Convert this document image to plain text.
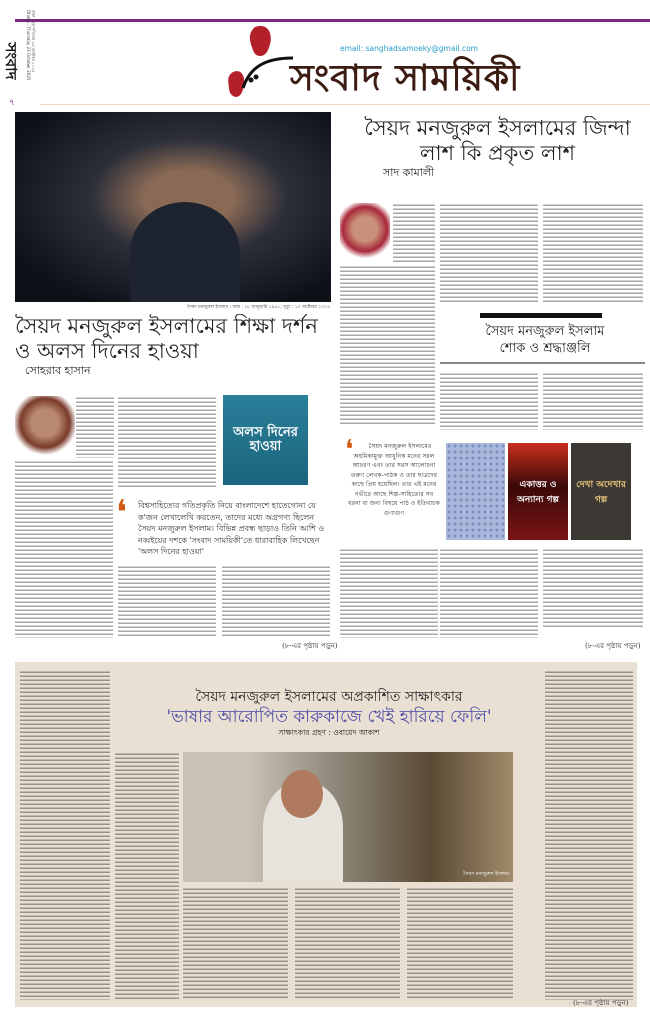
সংবাদ	ঢাকা : বৃহস্পতিবার ২৩ অক্টোবর ২০২৫
Dhaka : Thursday 23 October 2025
৭
email: sanghadsamoeky@gmail.com
সংবাদ সাময়িকী
সৈয়দ মনজুরুল ইসলাম । জন্ম : ১৮ জানুয়ারি ১৯৫১; মৃত্যু : ১০ অক্টোবর ২০২৫
সৈয়দ মনজুরুল ইসলামের শিক্ষা দর্শন ও অলস দিনের হাওয়া
সোহরাব হাসান
অলস দিনের হাওয়া
❛ বিশ্বসাহিত্যের গতিপ্রকৃতি নিয়ে বাংলাদেশে হাতেগোনা যে ক'জন লেখালেখি করতেন, তাদের মধ্যে অগ্রগণ্য ছিলেন সৈয়দ মনজুরুল ইসলাম। বিভিন্ন প্রবন্ধ ছাড়াও তিনি আশি ও নব্বইয়ের দশকে 'সংবাদ সাময়িকী'তে ধারাবাহিক লিখেছেন 'অলস দিনের হাওয়া'
(৮-এর পৃষ্ঠায় পড়ুন)
সৈয়দ মনজুরুল ইসলামের জিন্দা লাশ কি প্রকৃত লাশ
সাদ কামালী
সৈয়দ মনজুরুল ইসলাম
শোক ও শ্রদ্ধাঞ্জলি
❛	সৈয়দ মনজুরুল ইসলামের অহমিকামুক্ত আধুনিক মনের সরল আচরণ এবং তার সরস আলোচনা তরুণ লেখক-পাঠক ও তার ছাত্রদের কাছে প্রিয় হয়েছিল। তার এই মনের গভীরে আছে শিল্প-সাহিত্যের সব ধরনা বা জন্য বিষয়ে পাঠ ও ইতিবাচক গুণাগুণ
একাত্তর ও অন্যান্য গল্প
দেখা অদেখার গল্প
(৮-এর পৃষ্ঠায় পড়ুন)
সৈয়দ মনজুরুল ইসলামের অপ্রকাশিত সাক্ষাৎকার
'ভাষার আরোপিত কারুকাজে খেই হারিয়ে ফেলি'
সাক্ষাৎকার গ্রহণ : ওবায়েদ আকাশ
সৈয়দ মনজুরুল ইসলাম
(৮-এর পৃষ্ঠায় পড়ুন)
